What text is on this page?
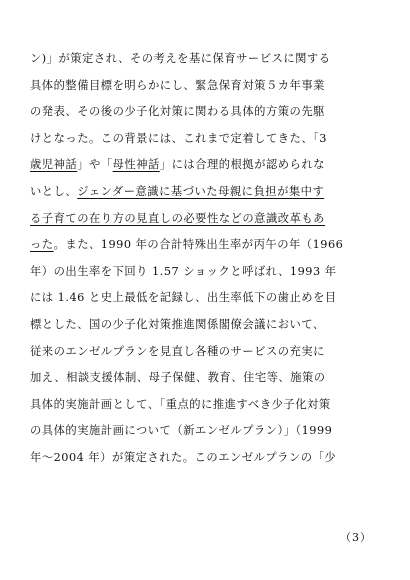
ン)」が策定され、その考えを基に保育サービスに関する
具体的整備目標を明らかにし、緊急保育対策５カ年事業
の発表、その後の少子化対策に関わる具体的方策の先駆
けとなった。この背景には、これまで定着してきた、「3
歳児神話」や「母性神話」には合理的根拠が認められな
いとし、ジェンダー意識に基づいた母親に負担が集中す
る子育ての在り方の見直しの必要性などの意識改革もあ
った。また、1990 年の合計特殊出生率が丙午の年（1966
年）の出生率を下回り 1.57 ショックと呼ばれ、1993 年
には 1.46 と史上最低を記録し、出生率低下の歯止めを目
標とした、国の少子化対策推進関係閣僚会議において、
従来のエンゼルプランを見直し各種のサービスの充実に
加え、相談支援体制、母子保健、教育、住宅等、施策の
具体的実施計画として、「重点的に推進すべき少子化対策
の具体的実施計画について（新エンゼルプラン）」（1999
年～2004 年）が策定された。このエンゼルプランの「少
（3）
